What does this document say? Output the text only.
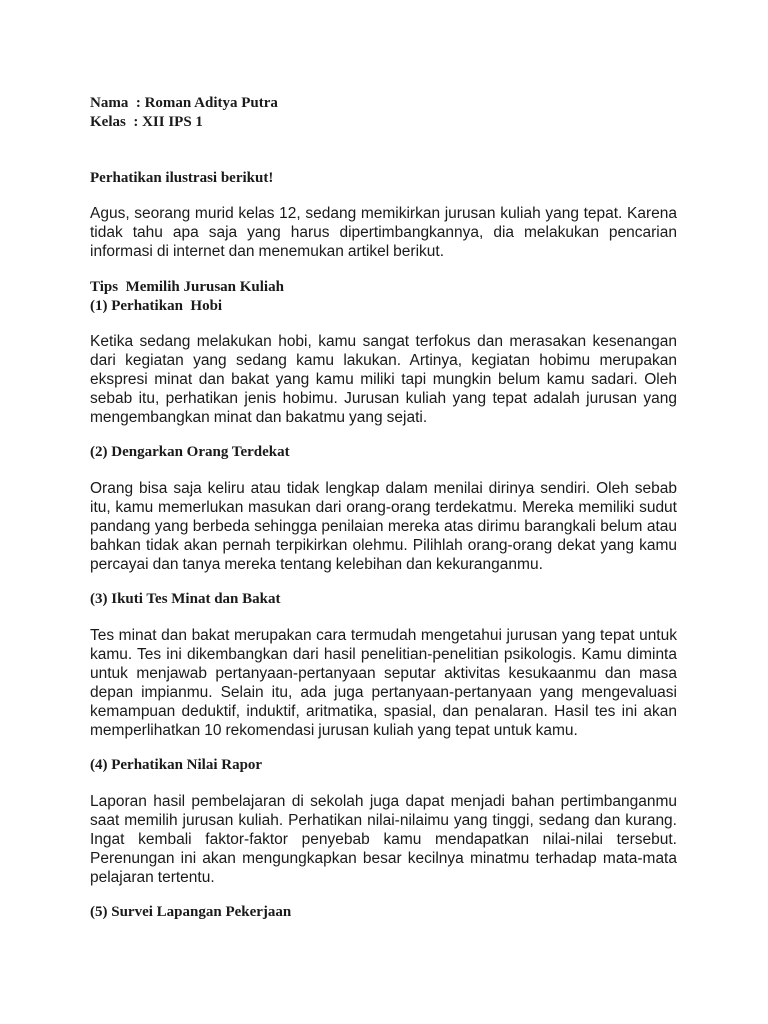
Nama  : Roman Aditya Putra

Kelas  : XII IPS 1

Perhatikan ilustrasi berikut!

Agus, seorang murid kelas 12, sedang memikirkan jurusan kuliah yang tepat. Karena tidak tahu apa saja yang harus dipertimbangkannya, dia melakukan pencarian informasi di internet dan menemukan artikel berikut.

Tips  Memilih Jurusan Kuliah

(1) Perhatikan  Hobi

Ketika sedang melakukan hobi, kamu sangat terfokus dan merasakan kesenangan dari kegiatan yang sedang kamu lakukan. Artinya, kegiatan hobimu merupakan ekspresi minat dan bakat yang kamu miliki tapi mungkin belum kamu sadari. Oleh sebab itu, perhatikan jenis hobimu. Jurusan kuliah yang tepat adalah jurusan yang mengembangkan minat dan bakatmu yang sejati.

(2) Dengarkan Orang Terdekat

Orang bisa saja keliru atau tidak lengkap dalam menilai dirinya sendiri. Oleh sebab itu, kamu memerlukan masukan dari orang-orang terdekatmu. Mereka memiliki sudut pandang yang berbeda sehingga penilaian mereka atas dirimu barangkali belum atau bahkan tidak akan pernah terpikirkan olehmu. Pilihlah orang-orang dekat yang kamu percayai dan tanya mereka tentang kelebihan dan kekuranganmu.

(3) Ikuti Tes Minat dan Bakat

Tes minat dan bakat merupakan cara termudah mengetahui jurusan yang tepat untuk kamu. Tes ini dikembangkan dari hasil penelitian-penelitian psikologis. Kamu diminta untuk menjawab pertanyaan-pertanyaan seputar aktivitas kesukaanmu dan masa depan impianmu. Selain itu, ada juga pertanyaan-pertanyaan yang mengevaluasi kemampuan deduktif, induktif, aritmatika, spasial, dan penalaran. Hasil tes ini akan memperlihatkan 10 rekomendasi jurusan kuliah yang tepat untuk kamu.

(4) Perhatikan Nilai Rapor

Laporan hasil pembelajaran di sekolah juga dapat menjadi bahan pertimbanganmu saat memilih jurusan kuliah. Perhatikan nilai-nilaimu yang tinggi, sedang dan kurang. Ingat kembali faktor-faktor penyebab kamu mendapatkan nilai-nilai tersebut. Perenungan ini akan mengungkapkan besar kecilnya minatmu terhadap mata-mata pelajaran tertentu.

(5) Survei Lapangan Pekerjaan
